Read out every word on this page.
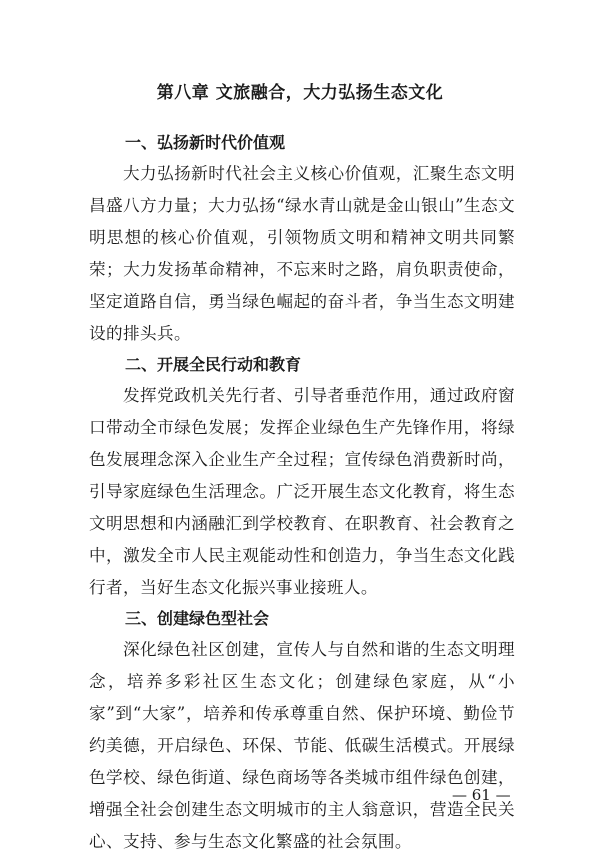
第八章 文旅融合，大力弘扬生态文化
一、弘扬新时代价值观

大力弘扬新时代社会主义核心价值观，汇聚生态文明昌盛八方力量；大力弘扬“绿水青山就是金山银山”生态文明思想的核心价值观，引领物质文明和精神文明共同繁荣；大力发扬革命精神，不忘来时之路，肩负职责使命，坚定道路自信，勇当绿色崛起的奋斗者，争当生态文明建设的排头兵。

二、开展全民行动和教育

发挥党政机关先行者、引导者垂范作用，通过政府窗口带动全市绿色发展；发挥企业绿色生产先锋作用，将绿色发展理念深入企业生产全过程；宣传绿色消费新时尚，引导家庭绿色生活理念。广泛开展生态文化教育，将生态文明思想和内涵融汇到学校教育、在职教育、社会教育之中，激发全市人民主观能动性和创造力，争当生态文化践行者，当好生态文化振兴事业接班人。

三、创建绿色型社会

深化绿色社区创建，宣传人与自然和谐的生态文明理念，培养多彩社区生态文化；创建绿色家庭，从“小家”到“大家”，培养和传承尊重自然、保护环境、勤俭节约美德，开启绿色、环保、节能、低碳生活模式。开展绿色学校、绿色街道、绿色商场等各类城市组件绿色创建，增强全社会创建生态文明城市的主人翁意识，营造全民关心、支持、参与生态文化繁盛的社会氛围。

— 61 —
